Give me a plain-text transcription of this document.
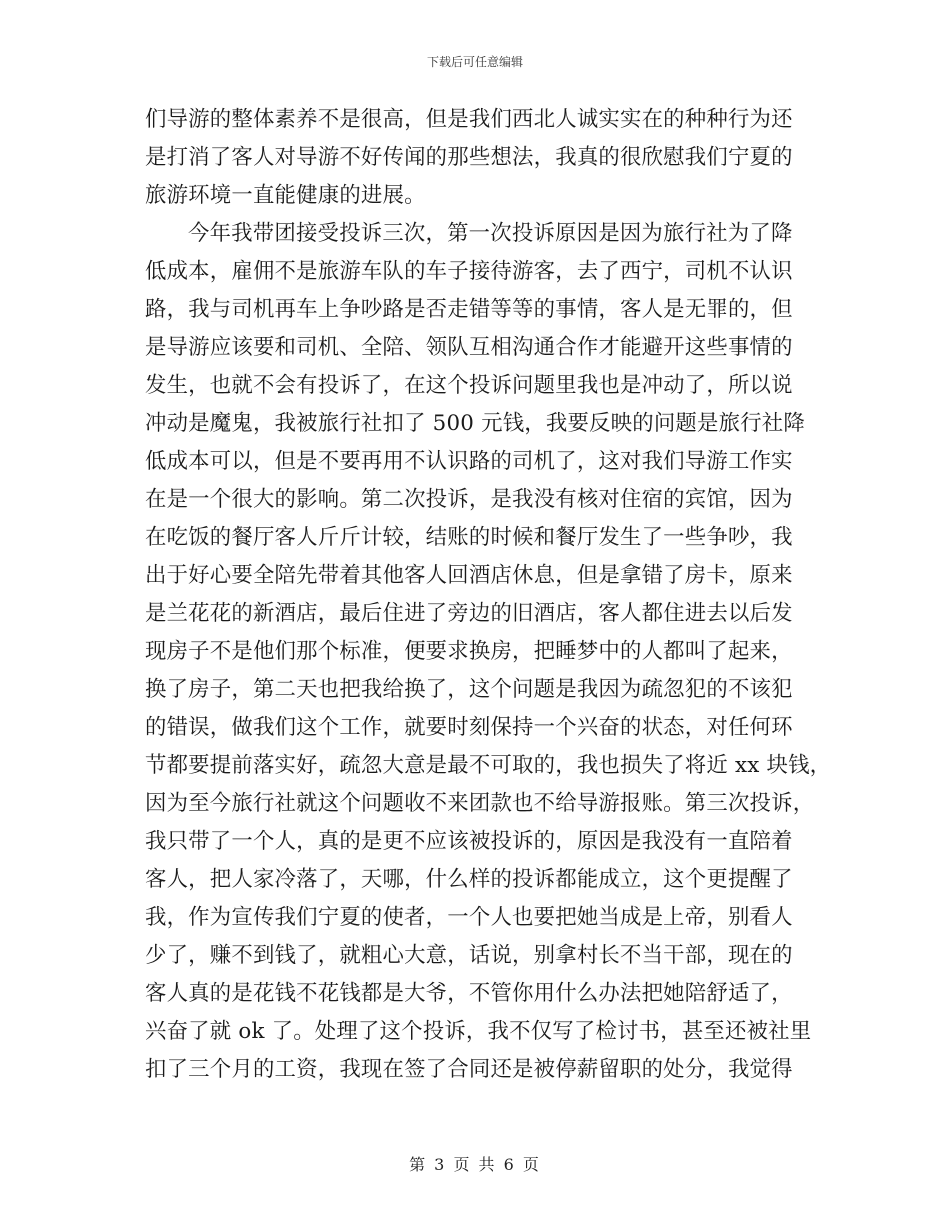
下载后可任意编辑
们导游的整体素养不是很高，但是我们西北人诚实实在的种种行为还
是打消了客人对导游不好传闻的那些想法，我真的很欣慰我们宁夏的
旅游环境一直能健康的进展。
今年我带团接受投诉三次，第一次投诉原因是因为旅行社为了降
低成本，雇佣不是旅游车队的车子接待游客，去了西宁，司机不认识
路，我与司机再车上争吵路是否走错等等的事情，客人是无罪的，但
是导游应该要和司机、全陪、领队互相沟通合作才能避开这些事情的
发生，也就不会有投诉了，在这个投诉问题里我也是冲动了，所以说
冲动是魔鬼，我被旅行社扣了 500 元钱，我要反映的问题是旅行社降
低成本可以，但是不要再用不认识路的司机了，这对我们导游工作实
在是一个很大的影响。第二次投诉，是我没有核对住宿的宾馆，因为
在吃饭的餐厅客人斤斤计较，结账的时候和餐厅发生了一些争吵，我
出于好心要全陪先带着其他客人回酒店休息，但是拿错了房卡，原来
是兰花花的新酒店，最后住进了旁边的旧酒店，客人都住进去以后发
现房子不是他们那个标准，便要求换房，把睡梦中的人都叫了起来，
换了房子，第二天也把我给换了，这个问题是我因为疏忽犯的不该犯
的错误，做我们这个工作，就要时刻保持一个兴奋的状态，对任何环
节都要提前落实好，疏忽大意是最不可取的，我也损失了将近 xx 块钱，
因为至今旅行社就这个问题收不来团款也不给导游报账。第三次投诉，
我只带了一个人，真的是更不应该被投诉的，原因是我没有一直陪着
客人，把人家冷落了，天哪，什么样的投诉都能成立，这个更提醒了
我，作为宣传我们宁夏的使者，一个人也要把她当成是上帝，别看人
少了，赚不到钱了，就粗心大意，话说，别拿村长不当干部，现在的
客人真的是花钱不花钱都是大爷，不管你用什么办法把她陪舒适了，
兴奋了就 ok 了。处理了这个投诉，我不仅写了检讨书，甚至还被社里
扣了三个月的工资，我现在签了合同还是被停薪留职的处分，我觉得
第 3 页 共 6 页
